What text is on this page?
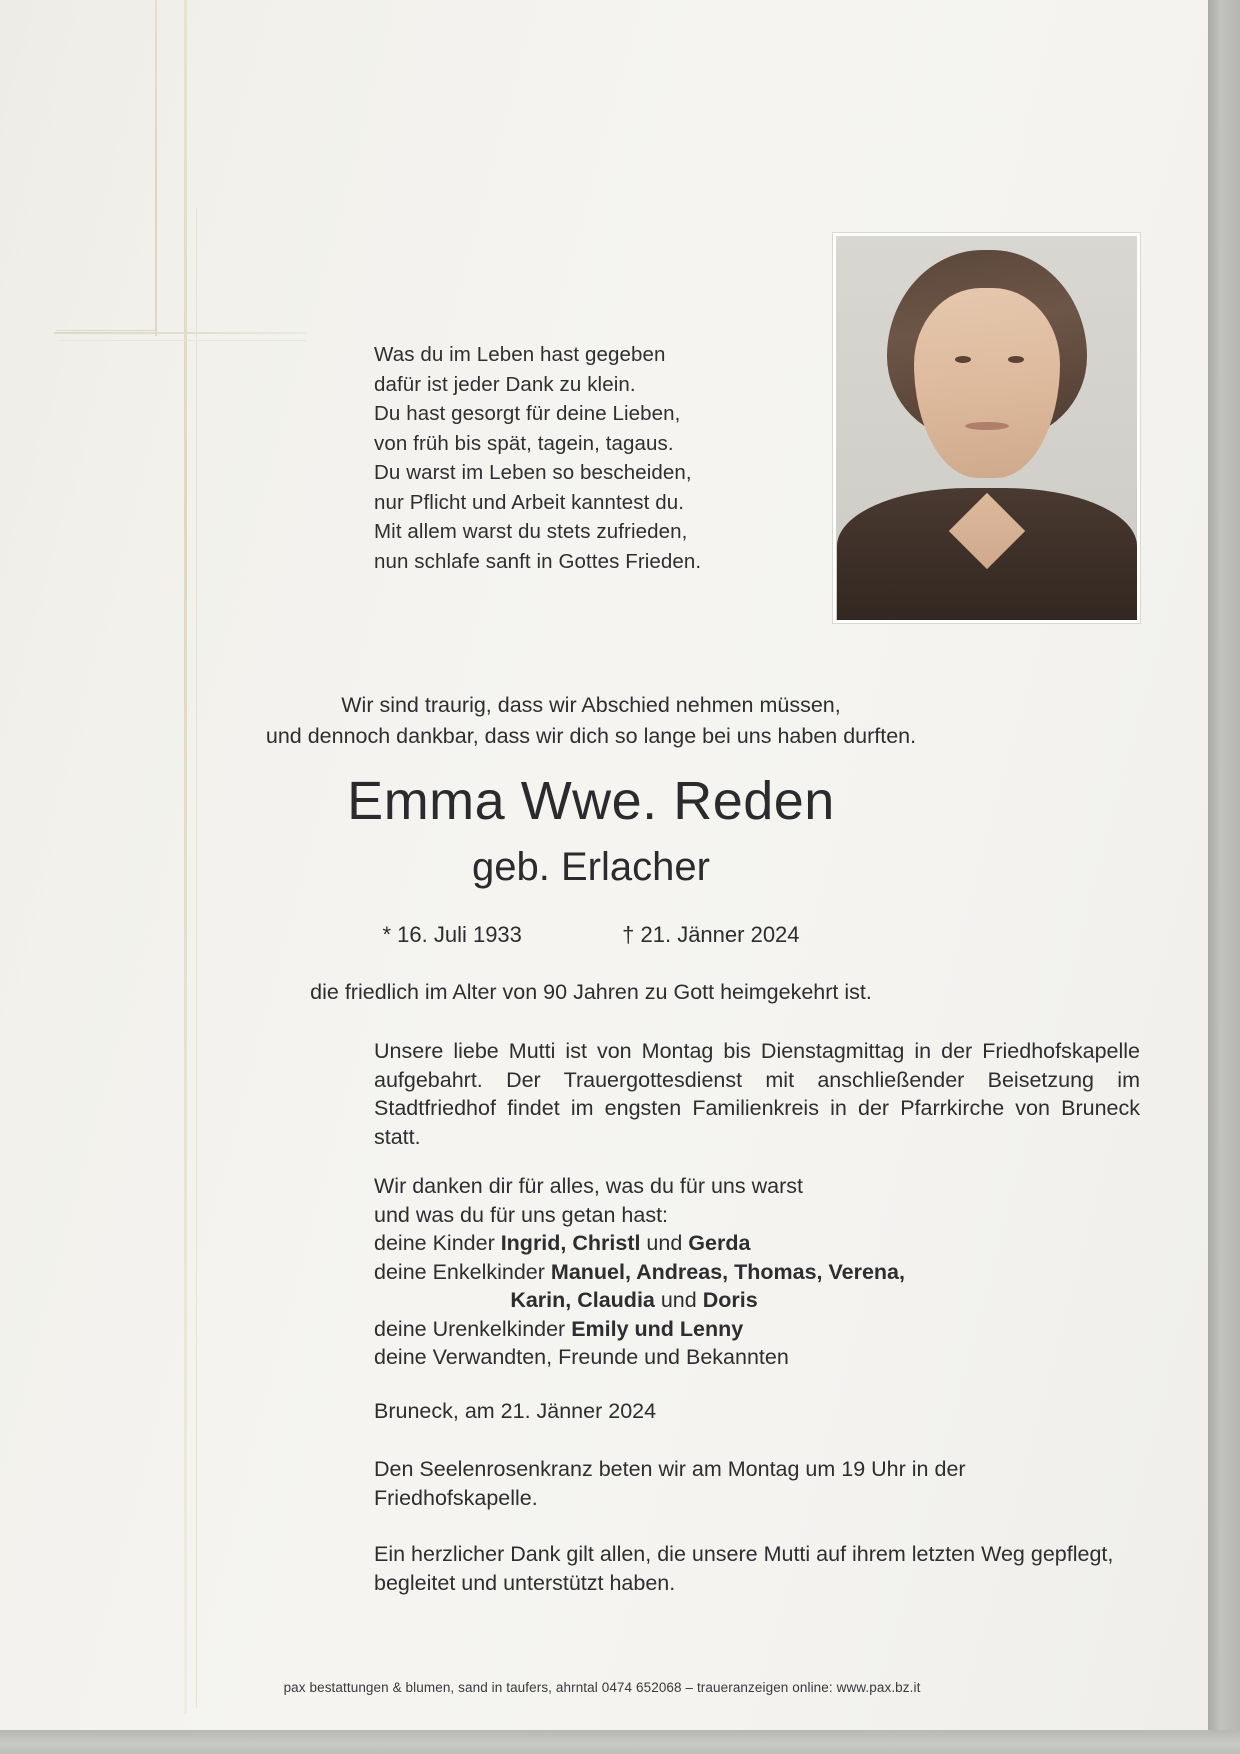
Was du im Leben hast gegeben
dafür ist jeder Dank zu klein.
Du hast gesorgt für deine Lieben,
von früh bis spät, tagein, tagaus.
Du warst im Leben so bescheiden,
nur Pflicht und Arbeit kanntest du.
Mit allem warst du stets zufrieden,
nun schlafe sanft in Gottes Frieden.
Wir sind traurig, dass wir Abschied nehmen müssen,
und dennoch dankbar, dass wir dich so lange bei uns haben durften.
Emma Wwe. Reden
geb. Erlacher
* 16. Juli 1933	† 21. Jänner 2024
die friedlich im Alter von 90 Jahren zu Gott heimgekehrt ist.
Unsere liebe Mutti ist von Montag bis Dienstagmittag in der Friedhofskapelle aufgebahrt. Der Trauergottesdienst mit anschließender Beisetzung im Stadtfriedhof findet im engsten Familienkreis in der Pfarrkirche von Bruneck statt.
Wir danken dir für alles, was du für uns warst
und was du für uns getan hast:
deine Kinder Ingrid, Christl und Gerda
deine Enkelkinder Manuel, Andreas, Thomas, Verena,
Karin, Claudia und Doris
deine Urenkelkinder Emily und Lenny
deine Verwandten, Freunde und Bekannten
Bruneck, am 21. Jänner 2024
Den Seelenrosenkranz beten wir am Montag um 19 Uhr in der Friedhofskapelle.
Ein herzlicher Dank gilt allen, die unsere Mutti auf ihrem letzten Weg gepflegt, begleitet und unterstützt haben.
pax bestattungen & blumen, sand in taufers, ahrntal 0474 652068 – traueranzeigen online: www.pax.bz.it
